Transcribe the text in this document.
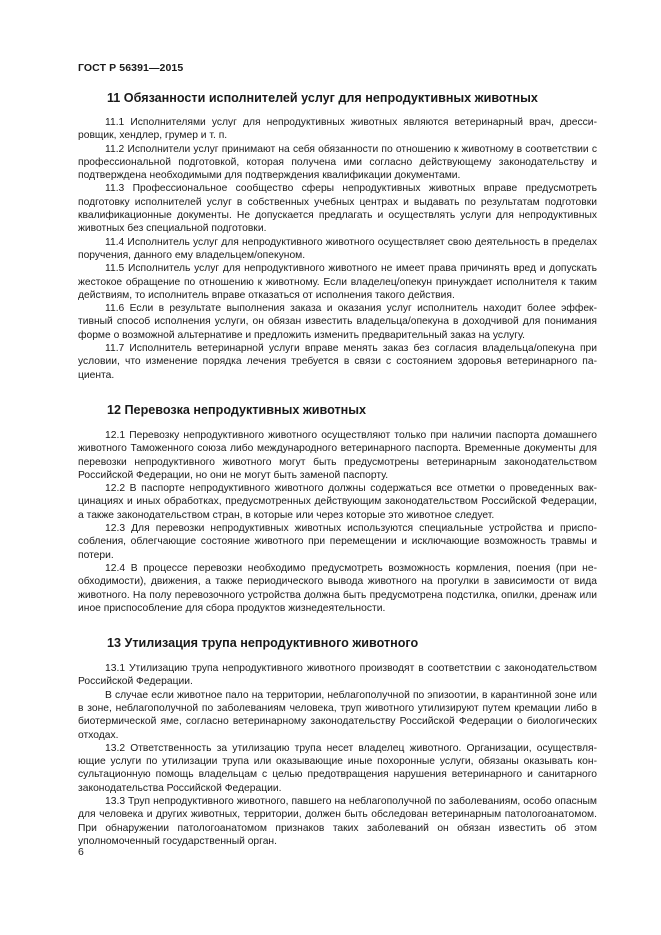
ГОСТ Р 56391—2015
11 Обязанности исполнителей услуг для непродуктивных животных

11.1 Исполнителями услуг для непродуктивных животных являются ветеринарный врач, дрессировщик, хендлер, грумер и т. п.

11.2 Исполнители услуг принимают на себя обязанности по отношению к животному в соответствии с профессиональной подготовкой, которая получена ими согласно действующему законодательству и подтверждена необходимыми для подтверждения квалификации документами.

11.3 Профессиональное сообщество сферы непродуктивных животных вправе предусмотреть подготовку исполнителей услуг в собственных учебных центрах и выдавать по результатам подготовки квалификационные документы. Не допускается предлагать и осуществлять услуги для непродуктивных животных без специальной подготовки.

11.4 Исполнитель услуг для непродуктивного животного осуществляет свою деятельность в пределах поручения, данного ему владельцем/опекуном.

11.5 Исполнитель услуг для непродуктивного животного не имеет права причинять вред и допускать жестокое обращение по отношению к животному. Если владелец/опекун принуждает исполнителя к таким действиям, то исполнитель вправе отказаться от исполнения такого действия.

11.6 Если в результате выполнения заказа и оказания услуг исполнитель находит более эффективный способ исполнения услуги, он обязан известить владельца/опекуна в доходчивой для понимания форме о возможной альтернативе и предложить изменить предварительный заказ на услугу.

11.7 Исполнитель ветеринарной услуги вправе менять заказ без согласия владельца/опекуна при условии, что изменение порядка лечения требуется в связи с состоянием здоровья ветеринарного пациента.

12 Перевозка непродуктивных животных

12.1 Перевозку непродуктивного животного осуществляют только при наличии паспорта домашнего животного Таможенного союза либо международного ветеринарного паспорта. Временные документы для перевозки непродуктивного животного могут быть предусмотрены ветеринарным законодательством Российской Федерации, но они не могут быть заменой паспорту.

12.2 В паспорте непродуктивного животного должны содержаться все отметки о проведенных вакцинациях и иных обработках, предусмотренных действующим законодательством Российской Федерации, а также законодательством стран, в которые или через которые это животное следует.

12.3 Для перевозки непродуктивных животных используются специальные устройства и приспособления, облегчающие состояние животного при перемещении и исключающие возможность травмы и потери.

12.4 В процессе перевозки необходимо предусмотреть возможность кормления, поения (при необходимости), движения, а также периодического вывода животного на прогулки в зависимости от вида животного. На полу перевозочного устройства должна быть предусмотрена подстилка, опилки, дренаж или иное приспособление для сбора продуктов жизнедеятельности.

13 Утилизация трупа непродуктивного животного

13.1 Утилизацию трупа непродуктивного животного производят в соответствии с законодательством Российской Федерации.

В случае если животное пало на территории, неблагополучной по эпизоотии, в карантинной зоне или в зоне, неблагополучной по заболеваниям человека, труп животного утилизируют путем кремации либо в биотермической яме, согласно ветеринарному законодательству Российской Федерации о биологических отходах.

13.2 Ответственность за утилизацию трупа несет владелец животного. Организации, осуществляющие услуги по утилизации трупа или оказывающие иные похоронные услуги, обязаны оказывать консультационную помощь владельцам с целью предотвращения нарушения ветеринарного и санитарного законодательства Российской Федерации.

13.3 Труп непродуктивного животного, павшего на неблагополучной по заболеваниям, особо опасным для человека и других животных, территории, должен быть обследован ветеринарным патологоанатомом. При обнаружении патологоанатомом признаков таких заболеваний он обязан известить об этом уполномоченный государственный орган.

6
